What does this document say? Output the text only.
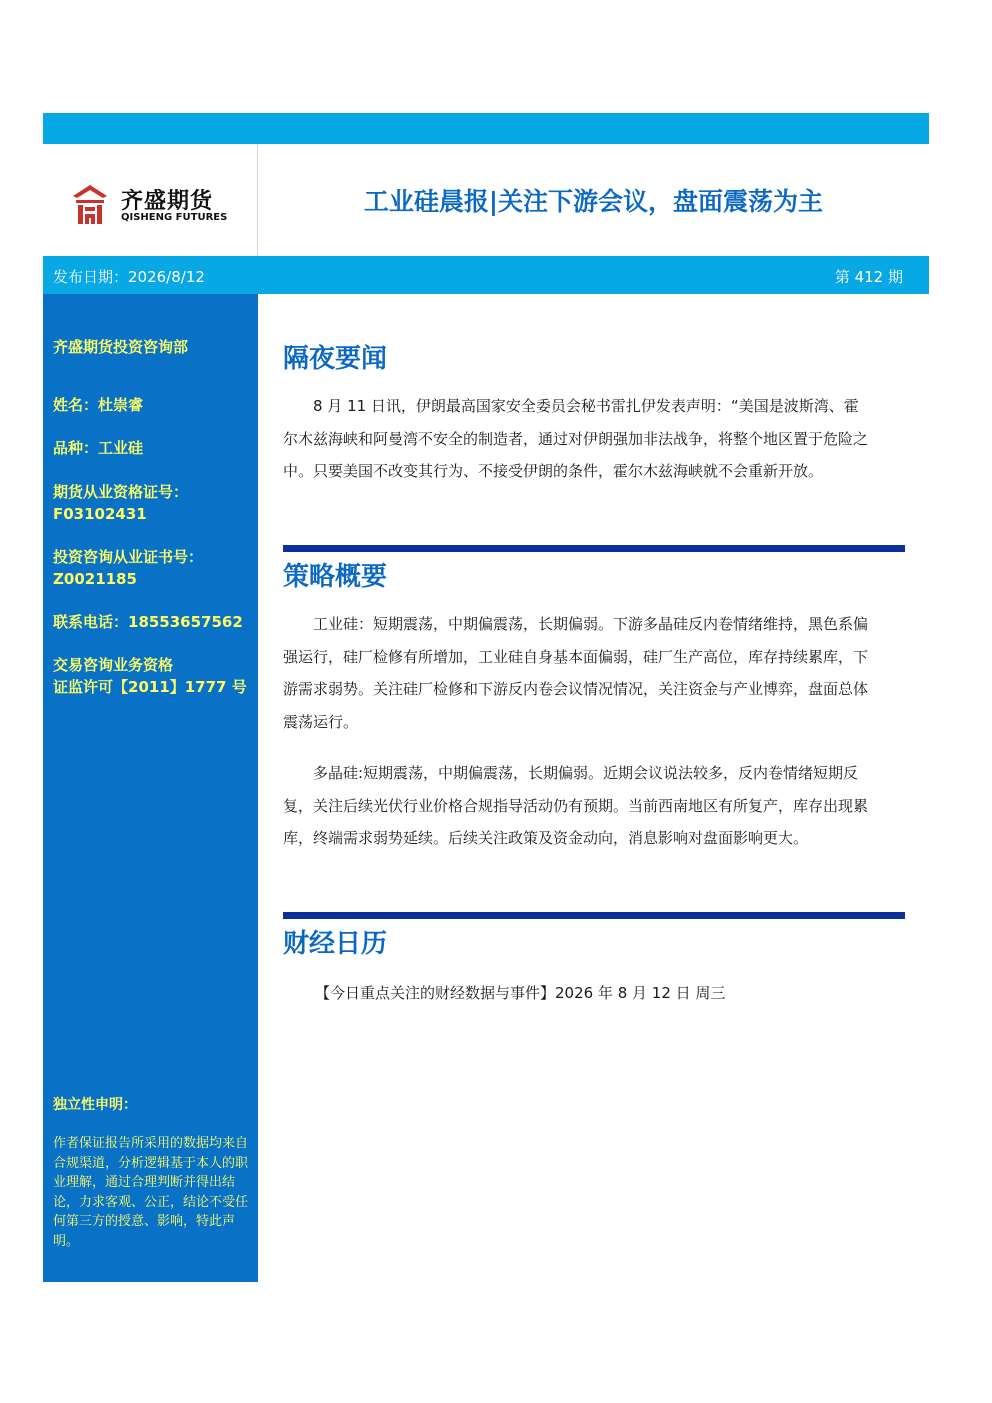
齐盛期货
QISHENG FUTURES
工业硅晨报|关注下游会议，盘面震荡为主
发布日期：2026/8/12	第 412 期
齐盛期货投资咨询部
姓名：杜崇睿
品种：工业硅
期货从业资格证号：
F03102431
投资咨询从业证书号：
Z0021185
联系电话：18553657562
交易咨询业务资格
证监许可【2011】1777 号
独立性申明：
作者保证报告所采用的数据均来自合规渠道，分析逻辑基于本人的职业理解，通过合理判断并得出结论，力求客观、公正，结论不受任何第三方的授意、影响，特此声明。
隔夜要闻

8 月 11 日讯，伊朗最高国家安全委员会秘书雷扎伊发表声明：“美国是波斯湾、霍尔木兹海峡和阿曼湾不安全的制造者，通过对伊朗强加非法战争，将整个地区置于危险之中。只要美国不改变其行为、不接受伊朗的条件，霍尔木兹海峡就不会重新开放。

策略概要

工业硅：短期震荡，中期偏震荡，长期偏弱。下游多晶硅反内卷情绪维持，黑色系偏强运行，硅厂检修有所增加，工业硅自身基本面偏弱，硅厂生产高位，库存持续累库，下游需求弱势。关注硅厂检修和下游反内卷会议情况情况，关注资金与产业博弈，盘面总体震荡运行。

多晶硅:短期震荡，中期偏震荡，长期偏弱。近期会议说法较多，反内卷情绪短期反复，关注后续光伏行业价格合规指导活动仍有预期。当前西南地区有所复产，库存出现累库，终端需求弱势延续。后续关注政策及资金动向，消息影响对盘面影响更大。

财经日历
【今日重点关注的财经数据与事件】2026 年 8 月 12 日 周三
